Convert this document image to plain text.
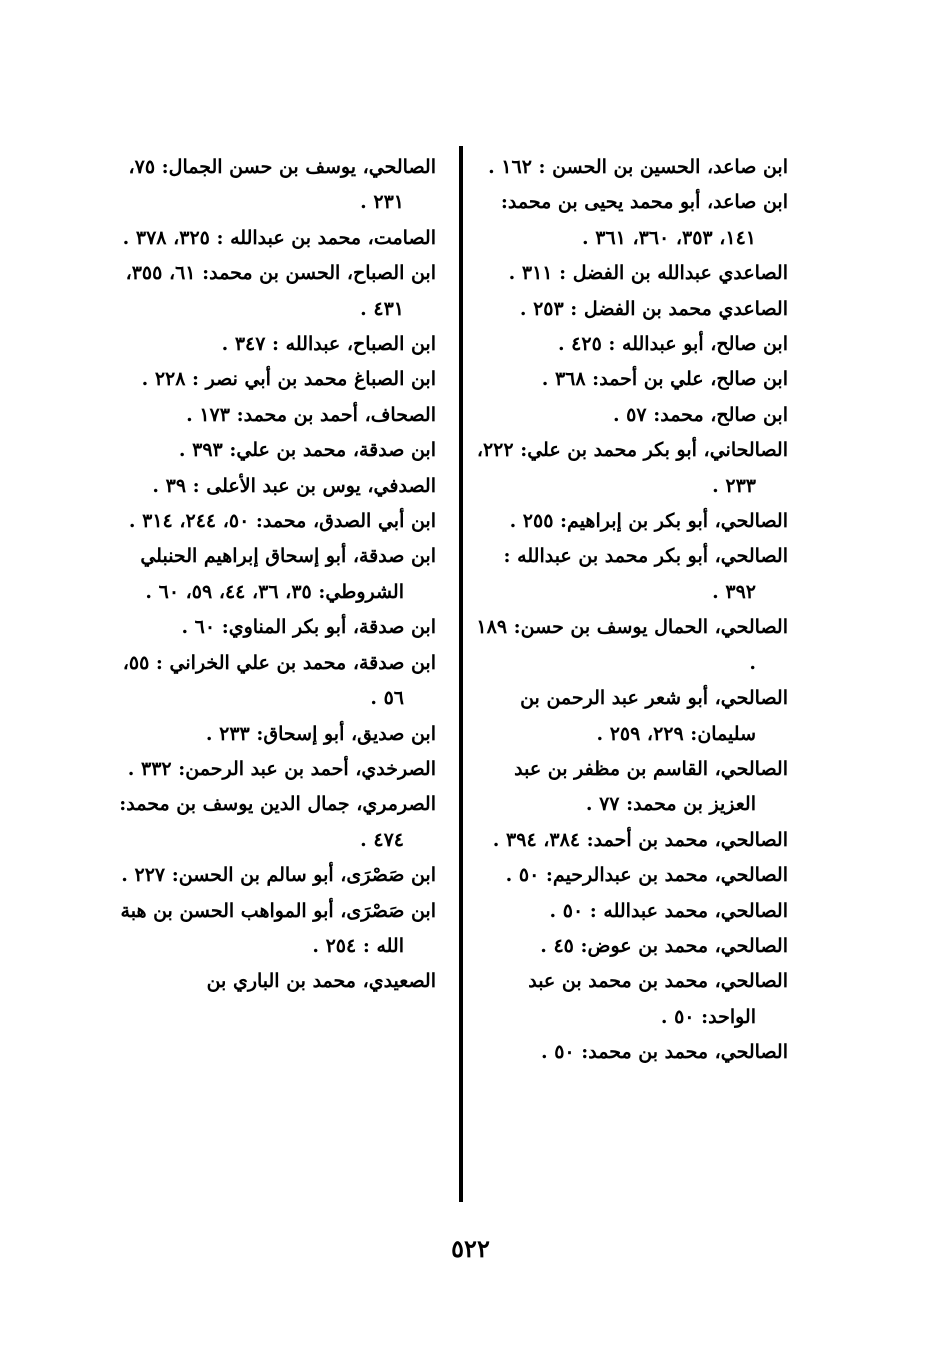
ابن صاعد، الحسين بن الحسن : ١٦٢ .

ابن صاعد، أبو محمد يحيى بن محمد: ١٤١، ٣٥٣، ٣٦٠، ٣٦١ .

الصاعدي عبدالله بن الفضل : ٣١١ .

الصاعدي محمد بن الفضل : ٢٥٣ .

ابن صالح، أبو عبدالله : ٤٢٥ .

ابن صالح، علي بن أحمد: ٣٦٨ .

ابن صالح، محمد: ٥٧ .

الصالحاني، أبو بكر محمد بن علي: ٢٢٢، ٢٣٣ .

الصالحي، أبو بكر بن إبراهيم: ٢٥٥ .

الصالحي، أبو بكر محمد بن عبدالله : ٣٩٢ .

الصالحي، الحمال يوسف بن حسن: ١٨٩ .

الصالحي، أبو شعر عبد الرحمن بن سليمان: ٢٢٩، ٢٥٩ .

الصالحي، القاسم بن مظفر بن عبد العزيز بن محمد: ٧٧ .

الصالحي، محمد بن أحمد: ٣٨٤، ٣٩٤ .

الصالحي، محمد بن عبدالرحيم: ٥٠ .

الصالحي، محمد عبدالله : ٥٠ .

الصالحي، محمد بن عوض: ٤٥ .

الصالحي، محمد بن محمد بن عبد الواحد: ٥٠ .

الصالحي، محمد بن محمد: ٥٠ .

الصالحي، يوسف بن حسن الجمال: ٧٥، ٢٣١ .

الصامت، محمد بن عبدالله : ٣٢٥، ٣٧٨ .

ابن الصباح، الحسن بن محمد: ٦١، ٣٥٥، ٤٣١ .

ابن الصباح، عبدالله : ٣٤٧ .

ابن الصباغ محمد بن أبي نصر : ٢٢٨ .

الصحاف، أحمد بن محمد: ١٧٣ .

ابن صدقة، محمد بن علي: ٣٩٣ .

الصدفي، يوس بن عبد الأعلى : ٣٩ .

ابن أبي الصدق، محمد: ٥٠، ٢٤٤، ٣١٤ .

ابن صدقة، أبو إسحاق إبراهيم الحنبلي الشروطي: ٣٥، ٣٦، ٤٤، ٥٩، ٦٠ .

ابن صدقة، أبو بكر المناوي: ٦٠ .

ابن صدقة، محمد بن علي الخراني : ٥٥، ٥٦ .

ابن صديق، أبو إسحاق: ٢٣٣ .

الصرخدي، أحمد بن عبد الرحمن: ٣٣٢ .

الصرمري، جمال الدين يوسف بن محمد: ٤٧٤ .

ابن صَصْرَى، أبو سالم بن الحسن: ٢٢٧ .

ابن صَصْرَى، أبو المواهب الحسن بن هبة الله : ٢٥٤ .

الصعيدي، محمد بن الباري بن

٥٢٢
